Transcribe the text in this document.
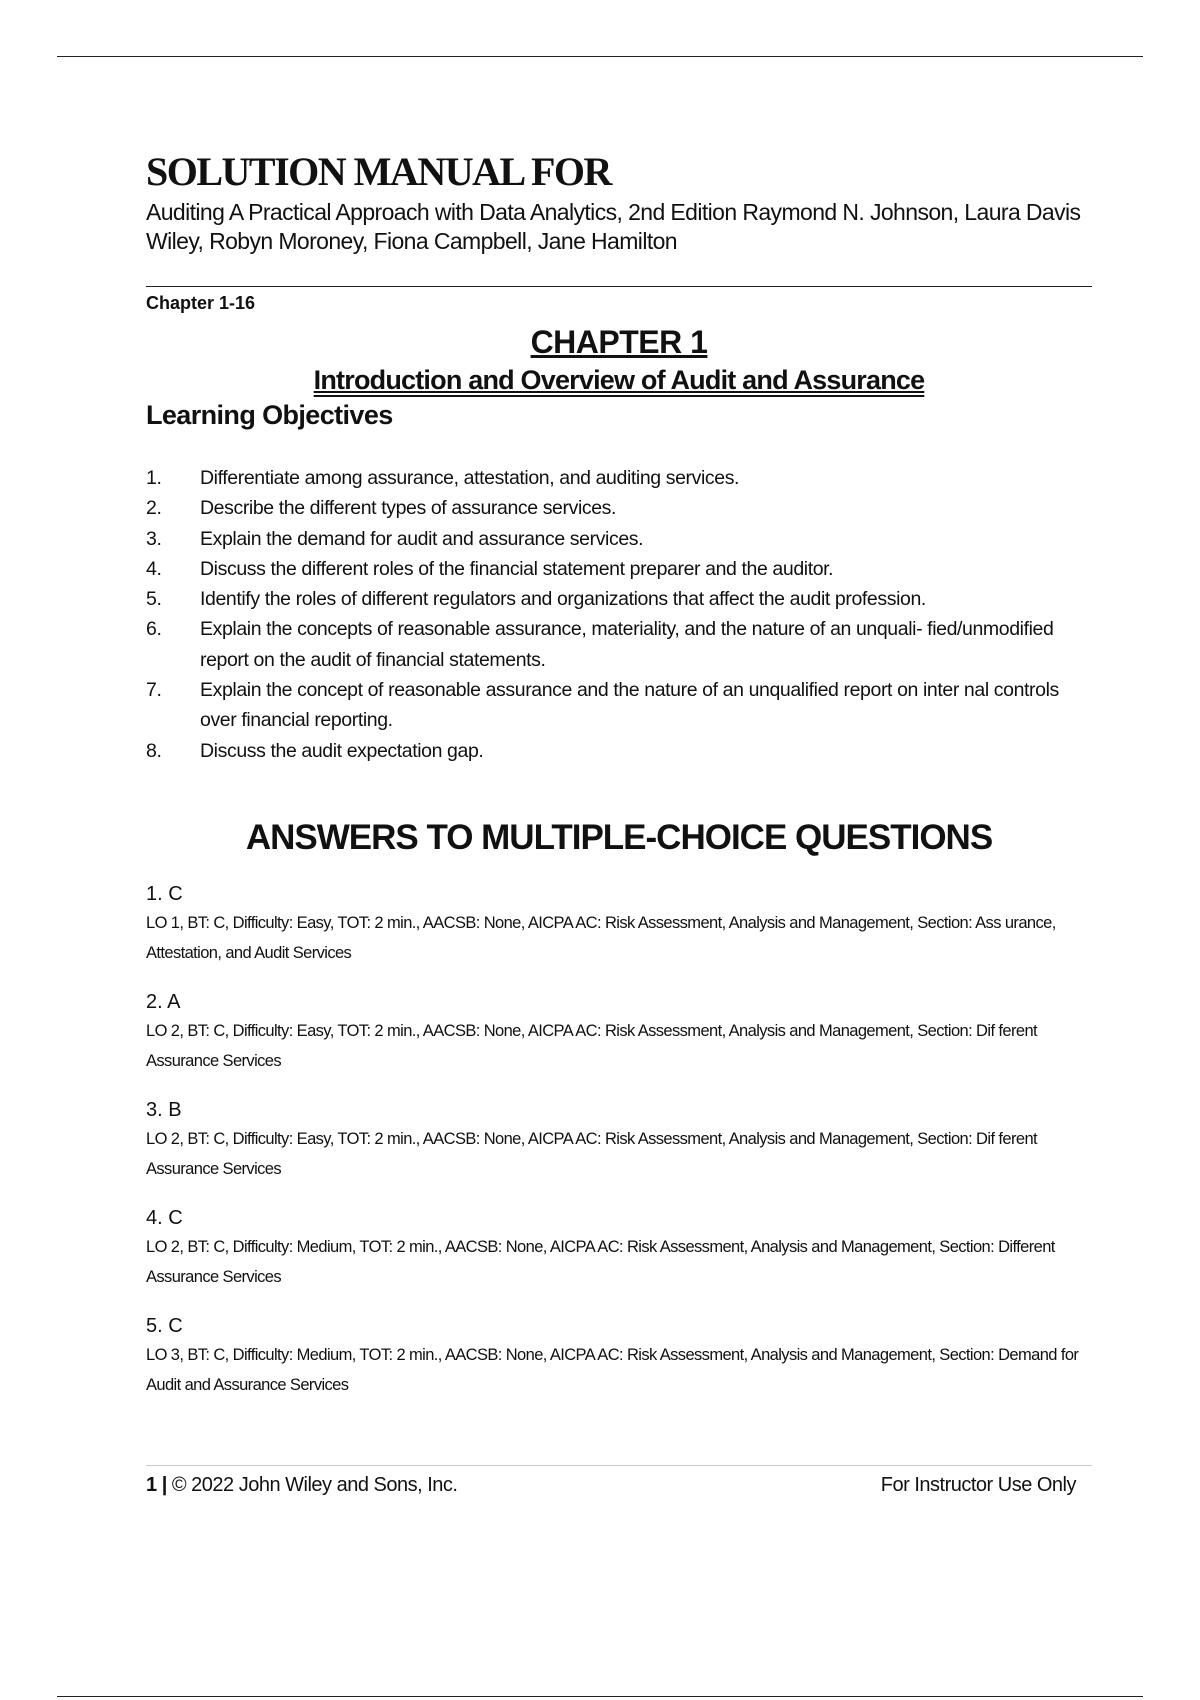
SOLUTION MANUAL FOR
Auditing A Practical Approach with Data Analytics, 2nd Edition Raymond N. Johnson, Laura Davis Wiley, Robyn Moroney, Fiona Campbell, Jane Hamilton
Chapter 1-16
CHAPTER 1
Introduction and Overview of Audit and Assurance
Learning Objectives
1.	Differentiate among assurance, attestation, and auditing services.
2.	Describe the different types of assurance services.
3.	Explain the demand for audit and assurance services.
4.	Discuss the different roles of the financial statement preparer and the auditor.
5.	Identify the roles of different regulators and organizations that affect the audit profession.
6.	Explain the concepts of reasonable assurance, materiality, and the nature of an unquali- fied/unmodified report on the audit of financial statements.
7.	Explain the concept of reasonable assurance and the nature of an unqualified report on inter nal controls over financial reporting.
8.	Discuss the audit expectation gap.
ANSWERS TO MULTIPLE-CHOICE QUESTIONS
1. C
LO 1, BT: C, Difficulty: Easy, TOT: 2 min., AACSB: None, AICPA AC: Risk Assessment, Analysis and Management, Section: Ass urance, Attestation, and Audit Services
2. A
LO 2, BT: C, Difficulty: Easy, TOT: 2 min., AACSB: None, AICPA AC: Risk Assessment, Analysis and Management, Section: Dif ferent Assurance Services
3. B
LO 2, BT: C, Difficulty: Easy, TOT: 2 min., AACSB: None, AICPA AC: Risk Assessment, Analysis and Management, Section: Dif ferent Assurance Services
4. C
LO 2, BT: C, Difficulty: Medium, TOT: 2 min., AACSB: None, AICPA AC: Risk Assessment, Analysis and Management, Section: Different Assurance Services
5. C
LO 3, BT: C, Difficulty: Medium, TOT: 2 min., AACSB: None, AICPA AC: Risk Assessment, Analysis and Management, Section: Demand for Audit and Assurance Services
1 | © 2022 John Wiley and Sons, Inc.	For Instructor Use Only
